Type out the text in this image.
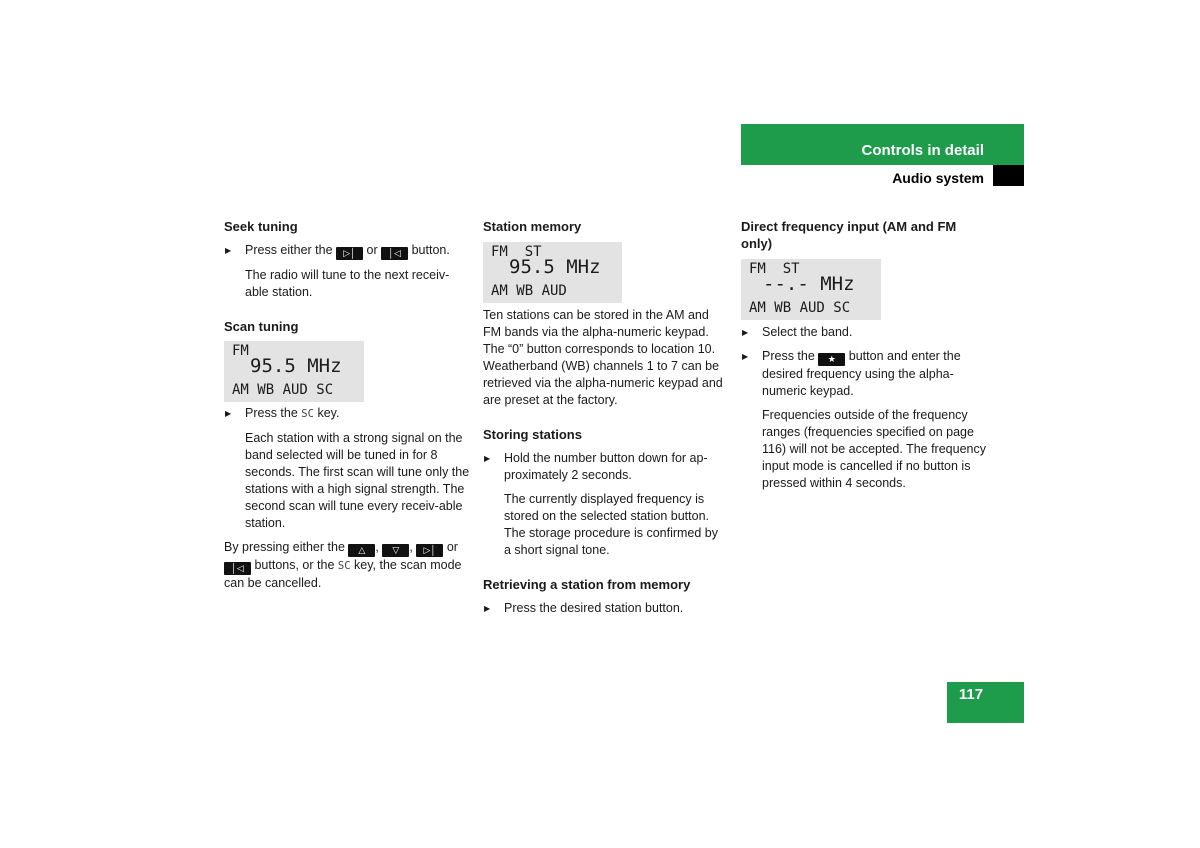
Controls in detail
Audio system

Seek tuning

▶ Press either the ▷│ or │◁ button.

The radio will tune to the next receiv-able station.

Scan tuning

FM
95.5 MHz
AM WB AUD SC

▶ Press the SC key.

Each station with a strong signal on the band selected will be tuned in for 8 seconds. The first scan will tune only the stations with a high signal strength. The second scan will tune every receiv-able station.

By pressing either the △ , ▽ , ▷│ or │◁ buttons, or the SC key, the scan mode can be cancelled.

Station memory

FM  ST
95.5 MHz
AM WB AUD

Ten stations can be stored in the AM and FM bands via the alpha-numeric keypad. The “0” button corresponds to location 10. Weatherband (WB) channels 1 to 7 can be retrieved via the alpha-numeric keypad and are preset at the factory.

Storing stations

▶ Hold the number button down for ap-proximately 2 seconds.

The currently displayed frequency is stored on the selected station button. The storage procedure is confirmed by a short signal tone.

Retrieving a station from memory

▶ Press the desired station button.

Direct frequency input (AM and FM only)

FM  ST
--.- MHz
AM WB AUD SC

▶ Select the band.

▶ Press the ★ button and enter the desired frequency using the alpha-numeric keypad.

Frequencies outside of the frequency ranges (frequencies specified on page 116) will not be accepted. The frequency input mode is cancelled if no button is pressed within 4 seconds.

117
